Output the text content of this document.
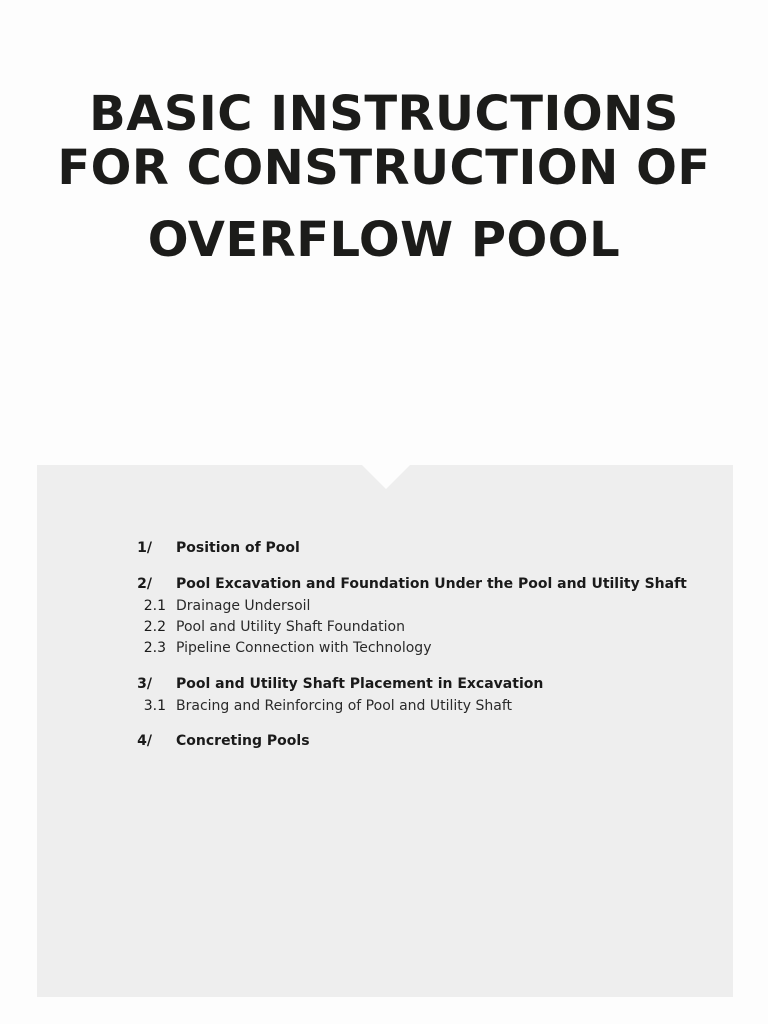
BASIC INSTRUCTIONS
FOR CONSTRUCTION OF
OVERFLOW POOL
1/ Position of Pool
2/ Pool Excavation and Foundation Under the Pool and Utility Shaft
2.1 Drainage Undersoil
2.2 Pool and Utility Shaft Foundation
2.3 Pipeline Connection with Technology
3/ Pool and Utility Shaft Placement in Excavation
3.1 Bracing and Reinforcing of Pool and Utility Shaft
4/ Concreting Pools
